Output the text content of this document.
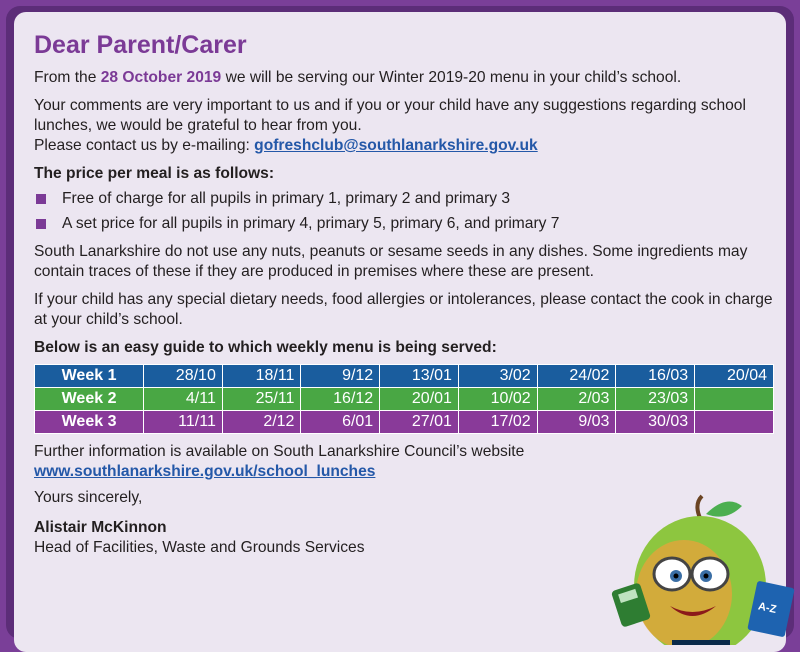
Dear Parent/Carer

From the 28 October 2019 we will be serving our Winter 2019-20 menu in your child’s school.

Your comments are very important to us and if you or your child have any suggestions regarding school lunches, we would be grateful to hear from you.

Please contact us by e-mailing: gofreshclub@southlanarkshire.gov.uk

The price per meal is as follows:

Free of charge for all pupils in primary 1, primary 2 and primary 3
A set price for all pupils in primary 4, primary 5, primary 6, and primary 7

South Lanarkshire do not use any nuts, peanuts or sesame seeds in any dishes. Some ingredients may contain traces of these if they are produced in premises where these are present.

If your child has any special dietary needs, food allergies or intolerances, please contact the cook in charge at your child’s school.

Below is an easy guide to which weekly menu is being served:

Week 1	28/10	18/11	9/12	13/01	3/02	24/02	16/03	20/04
Week 2	4/11	25/11	16/12	20/01	10/02	2/03	23/03	
Week 3	11/11	2/12	6/01	27/01	17/02	9/03	30/03	

Further information is available on South Lanarkshire Council’s website
www.southlanarkshire.gov.uk/school_lunches

Yours sincerely,

Alistair McKinnon
Head of Facilities, Waste and Grounds Services

A-Z
